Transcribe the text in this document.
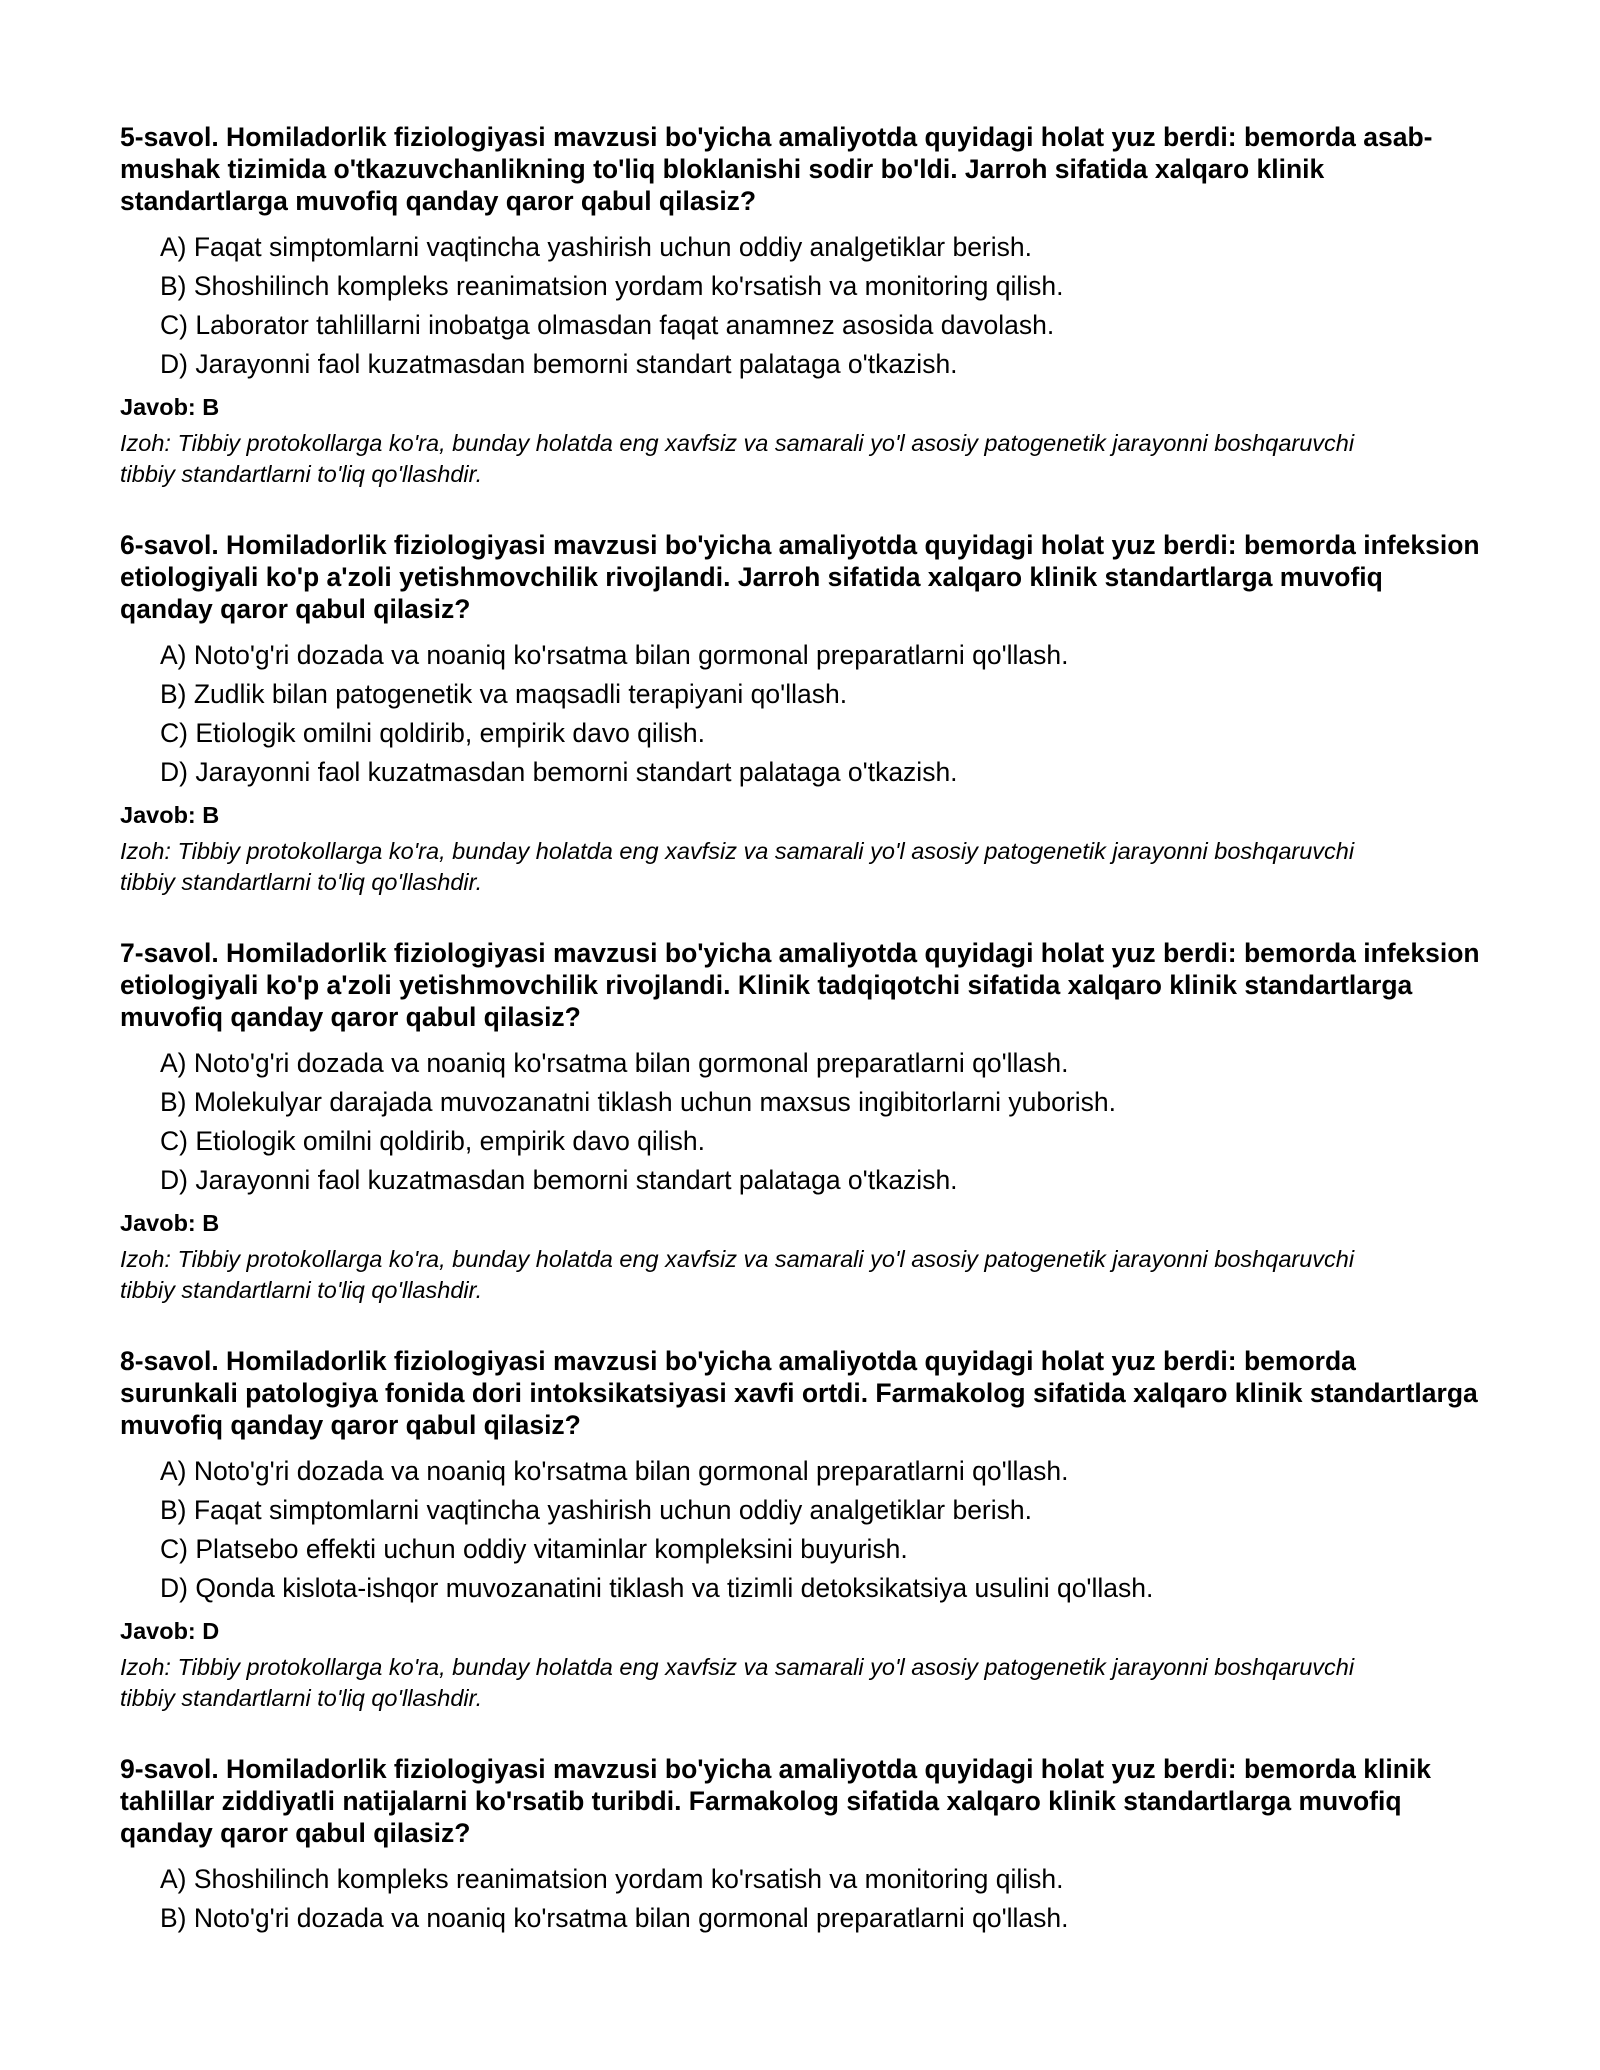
5-savol. Homiladorlik fiziologiyasi mavzusi bo'yicha amaliyotda quyidagi holat yuz berdi: bemorda asab-mushak tizimida o'tkazuvchanlikning to'liq bloklanishi sodir bo'ldi. Jarroh sifatida xalqaro klinik standartlarga muvofiq qanday qaror qabul qilasiz?

A) Faqat simptomlarni vaqtincha yashirish uchun oddiy analgetiklar berish.
B) Shoshilinch kompleks reanimatsion yordam ko'rsatish va monitoring qilish.
C) Laborator tahlillarni inobatga olmasdan faqat anamnez asosida davolash.
D) Jarayonni faol kuzatmasdan bemorni standart palataga o'tkazish.

Javob: B

Izoh: Tibbiy protokollarga ko'ra, bunday holatda eng xavfsiz va samarali yo'l asosiy patogenetik jarayonni boshqaruvchi tibbiy standartlarni to'liq qo'llashdir.

6-savol. Homiladorlik fiziologiyasi mavzusi bo'yicha amaliyotda quyidagi holat yuz berdi: bemorda infeksion etiologiyali ko'p a'zoli yetishmovchilik rivojlandi. Jarroh sifatida xalqaro klinik standartlarga muvofiq qanday qaror qabul qilasiz?

A) Noto'g'ri dozada va noaniq ko'rsatma bilan gormonal preparatlarni qo'llash.
B) Zudlik bilan patogenetik va maqsadli terapiyani qo'llash.
C) Etiologik omilni qoldirib, empirik davo qilish.
D) Jarayonni faol kuzatmasdan bemorni standart palataga o'tkazish.

Javob: B

Izoh: Tibbiy protokollarga ko'ra, bunday holatda eng xavfsiz va samarali yo'l asosiy patogenetik jarayonni boshqaruvchi tibbiy standartlarni to'liq qo'llashdir.

7-savol. Homiladorlik fiziologiyasi mavzusi bo'yicha amaliyotda quyidagi holat yuz berdi: bemorda infeksion etiologiyali ko'p a'zoli yetishmovchilik rivojlandi. Klinik tadqiqotchi sifatida xalqaro klinik standartlarga muvofiq qanday qaror qabul qilasiz?

A) Noto'g'ri dozada va noaniq ko'rsatma bilan gormonal preparatlarni qo'llash.
B) Molekulyar darajada muvozanatni tiklash uchun maxsus ingibitorlarni yuborish.
C) Etiologik omilni qoldirib, empirik davo qilish.
D) Jarayonni faol kuzatmasdan bemorni standart palataga o'tkazish.

Javob: B

Izoh: Tibbiy protokollarga ko'ra, bunday holatda eng xavfsiz va samarali yo'l asosiy patogenetik jarayonni boshqaruvchi tibbiy standartlarni to'liq qo'llashdir.

8-savol. Homiladorlik fiziologiyasi mavzusi bo'yicha amaliyotda quyidagi holat yuz berdi: bemorda surunkali patologiya fonida dori intoksikatsiyasi xavfi ortdi. Farmakolog sifatida xalqaro klinik standartlarga muvofiq qanday qaror qabul qilasiz?

A) Noto'g'ri dozada va noaniq ko'rsatma bilan gormonal preparatlarni qo'llash.
B) Faqat simptomlarni vaqtincha yashirish uchun oddiy analgetiklar berish.
C) Platsebo effekti uchun oddiy vitaminlar kompleksini buyurish.
D) Qonda kislota-ishqor muvozanatini tiklash va tizimli detoksikatsiya usulini qo'llash.

Javob: D

Izoh: Tibbiy protokollarga ko'ra, bunday holatda eng xavfsiz va samarali yo'l asosiy patogenetik jarayonni boshqaruvchi tibbiy standartlarni to'liq qo'llashdir.

9-savol. Homiladorlik fiziologiyasi mavzusi bo'yicha amaliyotda quyidagi holat yuz berdi: bemorda klinik tahlillar ziddiyatli natijalarni ko'rsatib turibdi. Farmakolog sifatida xalqaro klinik standartlarga muvofiq qanday qaror qabul qilasiz?

A) Shoshilinch kompleks reanimatsion yordam ko'rsatish va monitoring qilish.
B) Noto'g'ri dozada va noaniq ko'rsatma bilan gormonal preparatlarni qo'llash.
